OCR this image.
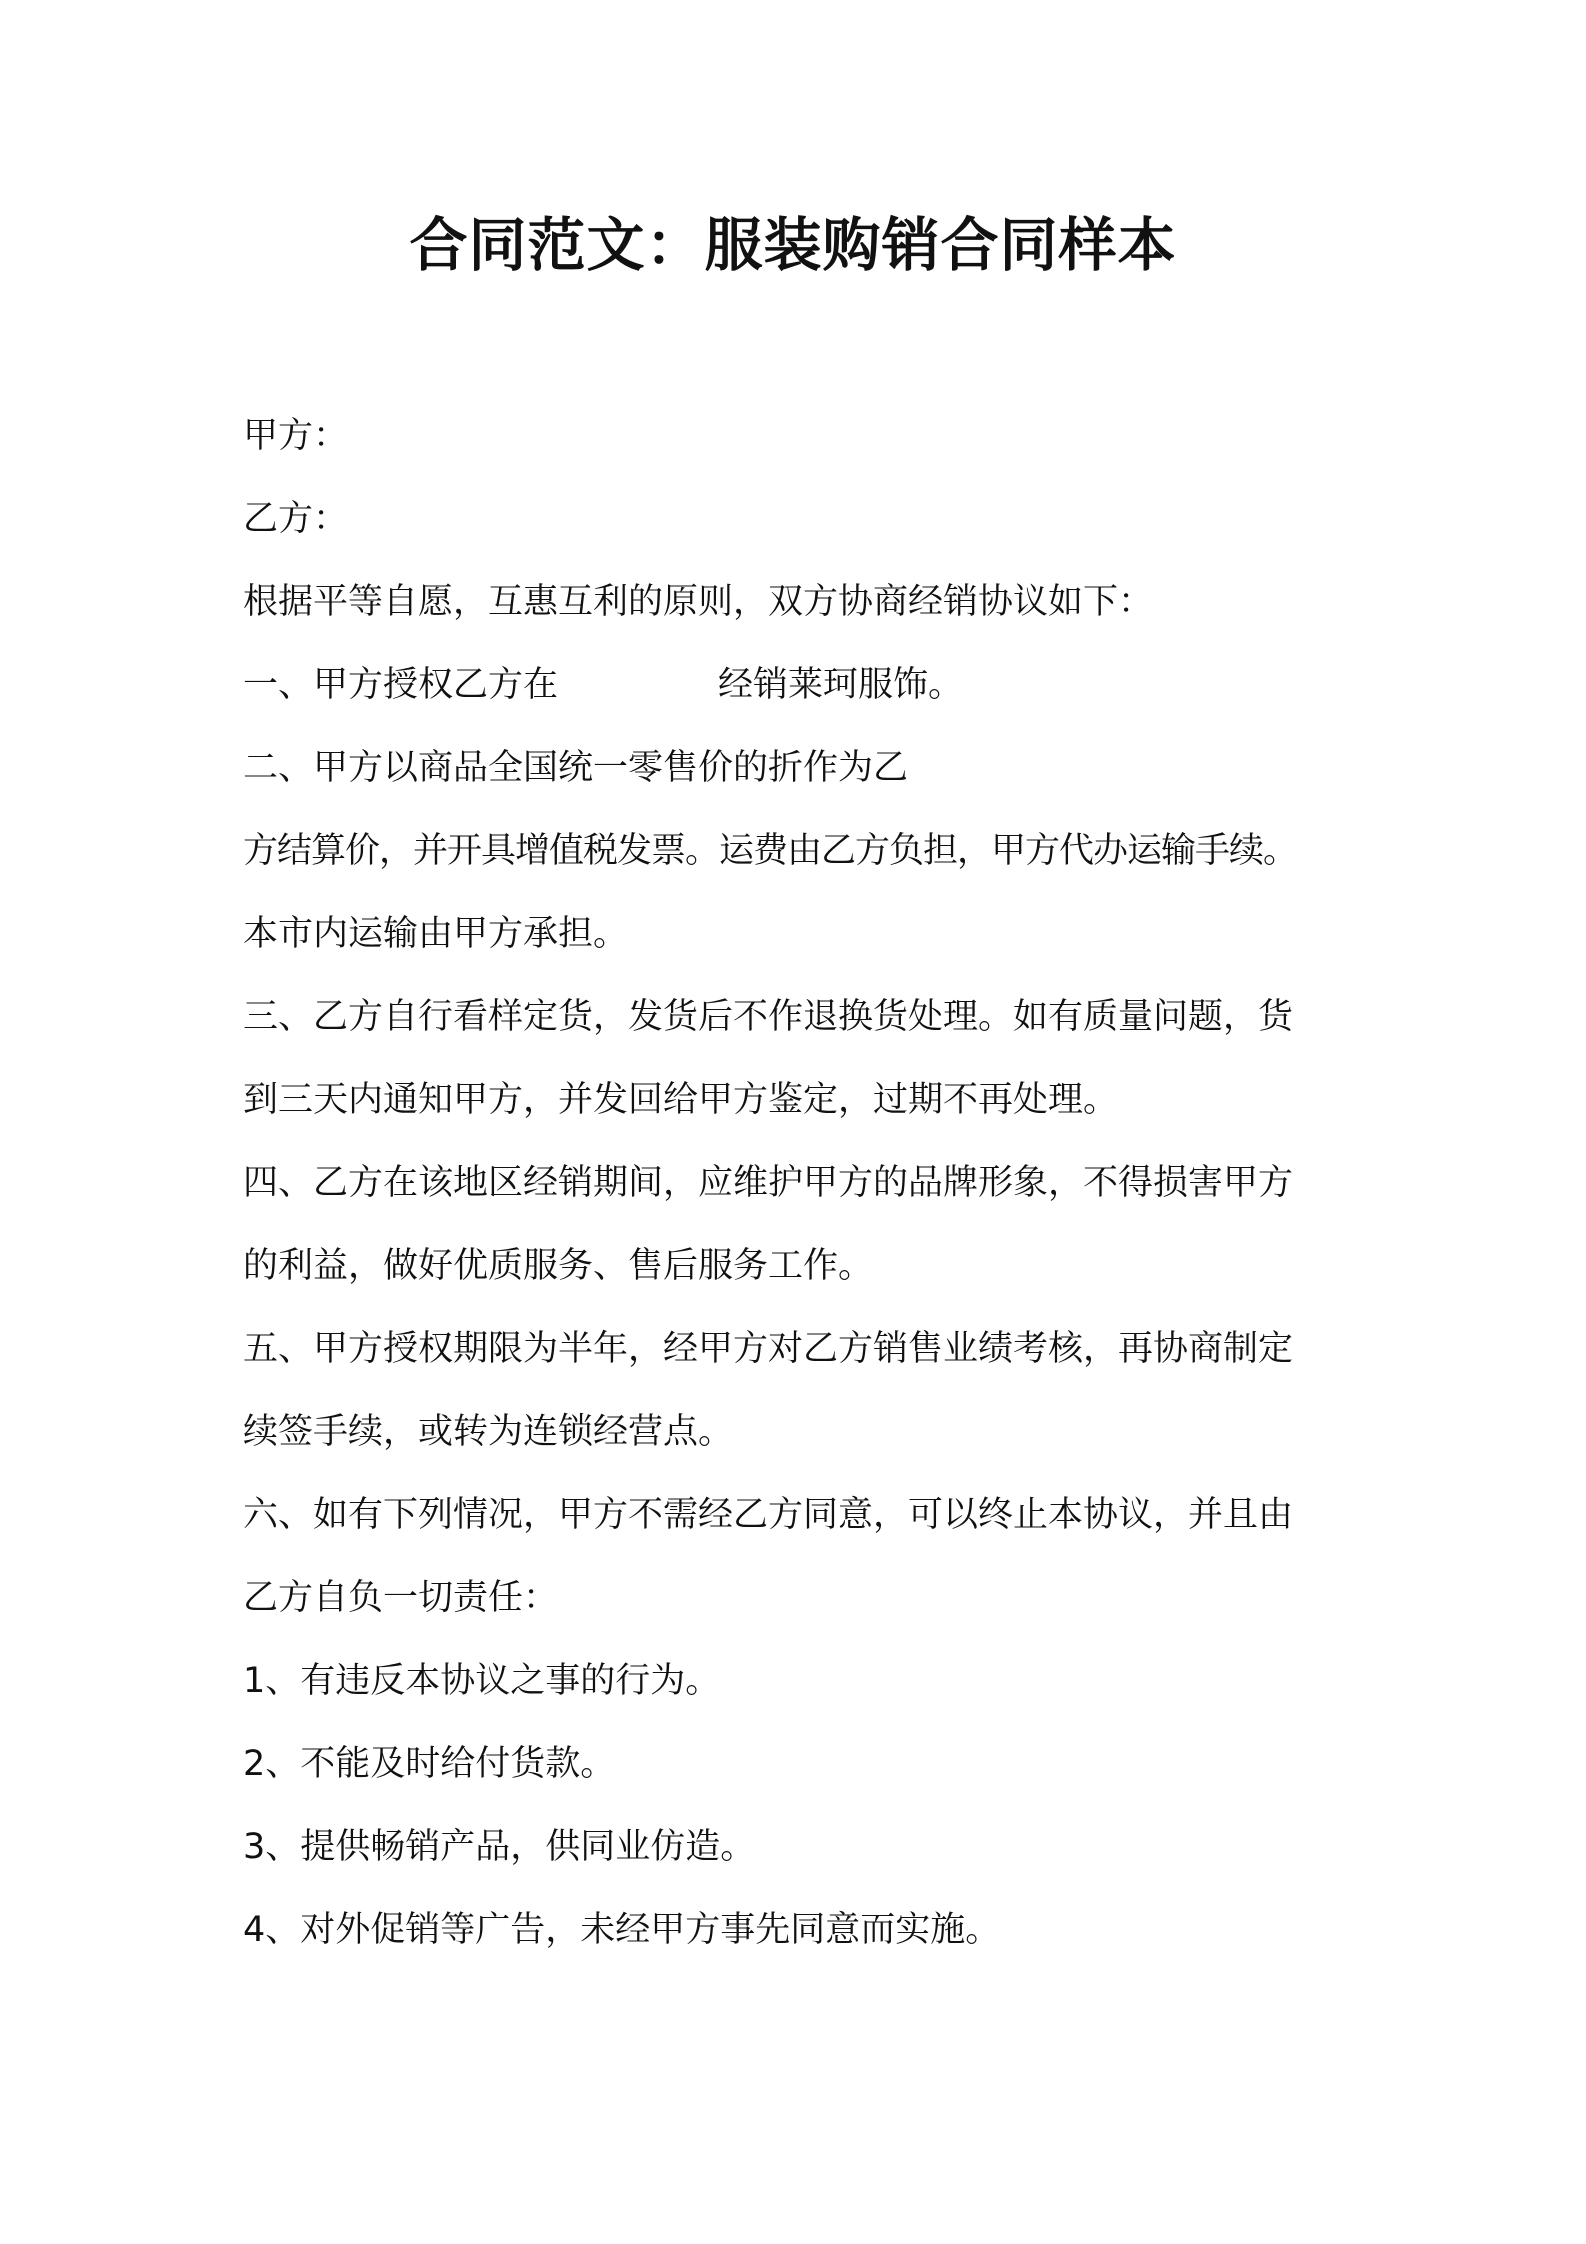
合同范文：服装购销合同样本

甲方：

乙方：

根据平等自愿，互惠互利的原则，双方协商经销协议如下：

一、甲方授权乙方在	经销莱珂服饰。

二、甲方以商品全国统一零售价的折作为乙

方结算价，并开具增值税发票。运费由乙方负担，甲方代办运输手续。

本市内运输由甲方承担。

三、乙方自行看样定货，发货后不作退换货处理。如有质量问题，货

到三天内通知甲方，并发回给甲方鉴定，过期不再处理。

四、乙方在该地区经销期间，应维护甲方的品牌形象，不得损害甲方

的利益，做好优质服务、售后服务工作。

五、甲方授权期限为半年，经甲方对乙方销售业绩考核，再协商制定

续签手续，或转为连锁经营点。

六、如有下列情况，甲方不需经乙方同意，可以终止本协议，并且由

乙方自负一切责任：

1、有违反本协议之事的行为。

2、不能及时给付货款。

3、提供畅销产品，供同业仿造。

4、对外促销等广告，未经甲方事先同意而实施。
